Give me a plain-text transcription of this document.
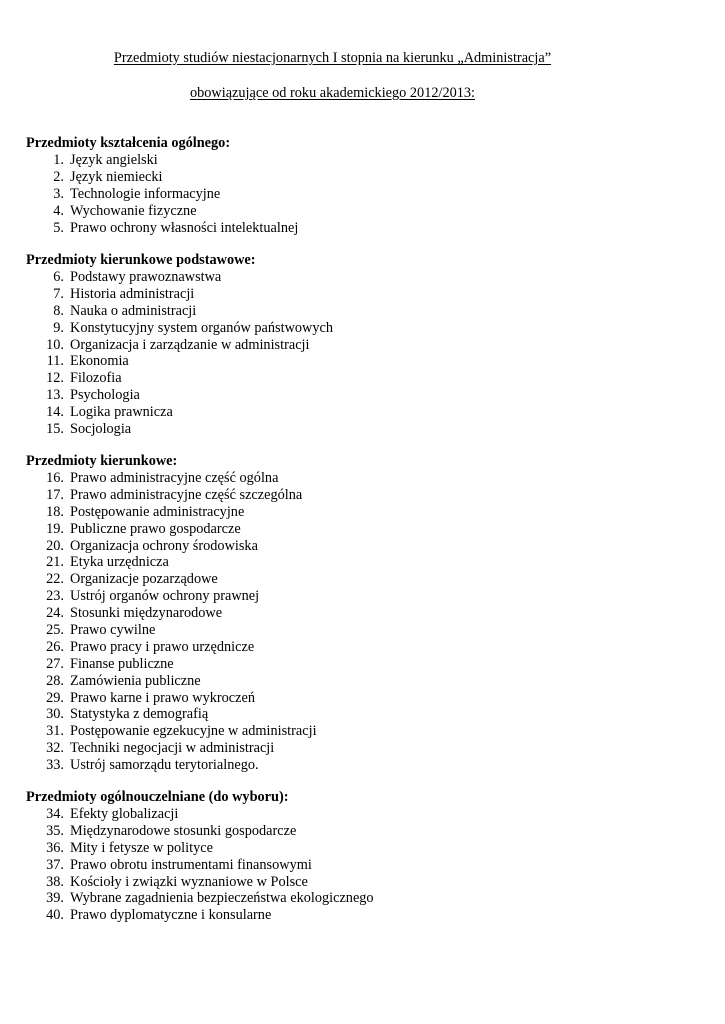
Przedmioty studiów niestacjonarnych I stopnia na kierunku „Administracja”
obowiązujące od roku akademickiego 2012/2013:
Przedmioty kształcenia ogólnego:
1. Język angielski
2. Język niemiecki
3. Technologie informacyjne
4. Wychowanie fizyczne
5. Prawo ochrony własności intelektualnej
Przedmioty kierunkowe podstawowe:
6. Podstawy prawoznawstwa
7. Historia administracji
8. Nauka o administracji
9. Konstytucyjny system organów państwowych
10. Organizacja i zarządzanie w administracji
11. Ekonomia
12. Filozofia
13. Psychologia
14. Logika prawnicza
15. Socjologia
Przedmioty kierunkowe:
16. Prawo administracyjne część ogólna
17. Prawo administracyjne część szczególna
18. Postępowanie administracyjne
19. Publiczne prawo gospodarcze
20. Organizacja ochrony środowiska
21. Etyka urzędnicza
22. Organizacje pozarządowe
23. Ustrój organów ochrony prawnej
24. Stosunki międzynarodowe
25. Prawo cywilne
26. Prawo pracy i prawo urzędnicze
27. Finanse publiczne
28. Zamówienia publiczne
29. Prawo karne i prawo wykroczeń
30. Statystyka z demografią
31. Postępowanie egzekucyjne w administracji
32. Techniki negocjacji w administracji
33. Ustrój samorządu terytorialnego.
Przedmioty ogólnouczelniane (do wyboru):
34. Efekty globalizacji
35. Międzynarodowe stosunki gospodarcze
36. Mity i fetysze w polityce
37. Prawo obrotu instrumentami finansowymi
38. Kościoły i związki wyznaniowe w Polsce
39. Wybrane zagadnienia bezpieczeństwa ekologicznego
40. Prawo dyplomatyczne i konsularne
